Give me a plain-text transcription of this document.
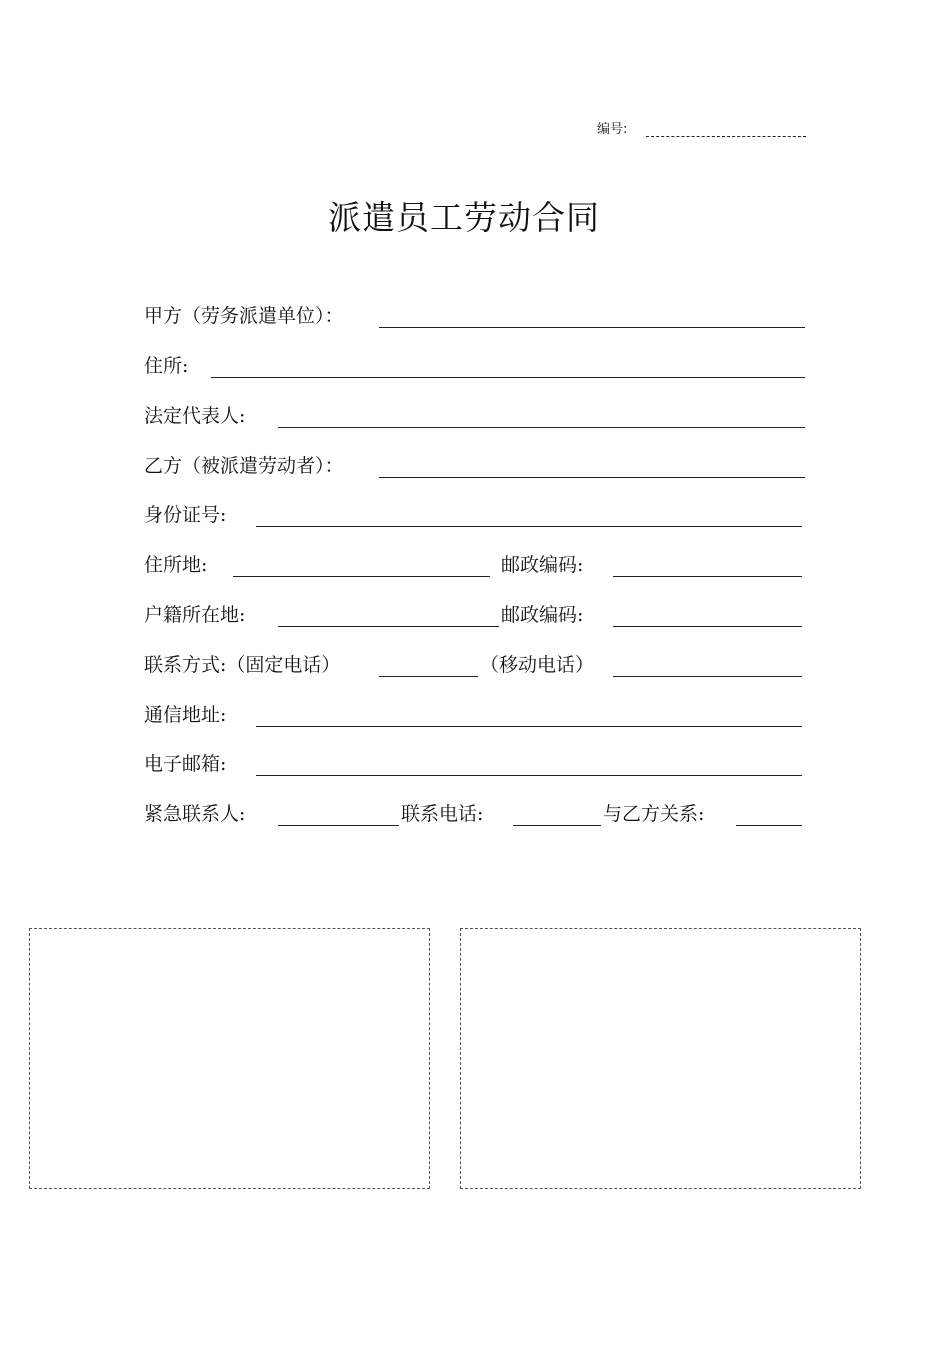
编号:
派遣员工劳动合同
甲方（劳务派遣单位）：
住所:
法定代表人:
乙方（被派遣劳动者）：
身份证号:
住所地:	邮政编码:
户籍所在地:	邮政编码:
联系方式:（固定电话）	（移动电话）
通信地址:
电子邮箱:
紧急联系人:	联系电话:	与乙方关系:
